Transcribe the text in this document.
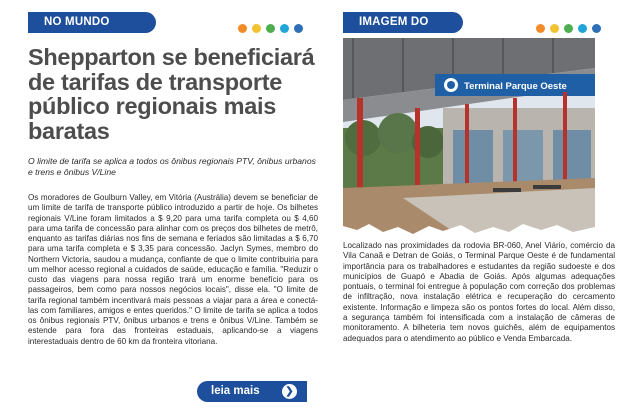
NO MUNDO
Shepparton se beneficiará de tarifas de transporte público regionais mais baratas

O limite de tarifa se aplica a todos os ônibus regionais PTV, ônibus urbanos e trens e ônibus V/Line

Os moradores de Goulburn Valley, em Vitória (Austrália) devem se beneficiar de um limite de tarifa de transporte público introduzido a partir de hoje. Os bilhetes regionais V/Line foram limitados a $ 9,20 para uma tarifa completa ou $ 4,60 para uma tarifa de concessão para alinhar com os preços dos bilhetes de metrô, enquanto as tarifas diárias nos fins de semana e feriados são limitadas a $ 6,70 para uma tarifa completa e $ 3,35 para concessão. Jaclyn Symes, membro do Northern Victoria, saudou a mudança, confiante de que o limite contribuiria para um melhor acesso regional a cuidados de saúde, educação e família. "Reduzir o custo das viagens para nossa região trará um enorme benefício para os passageiros, bem como para nossos negócios locais", disse ela. "O limite de tarifa regional também incentivará mais pessoas a viajar para a área e conectá-las com familiares, amigos e entes queridos." O limite de tarifa se aplica a todos os ônibus regionais PTV, ônibus urbanos e trens e ônibus V/Line. Também se estende para fora das fronteiras estaduais, aplicando-se a viagens interestaduais dentro de 60 km da fronteira vitoriana.

leia mais	❯
IMAGEM DO
Terminal Parque Oeste

Localizado nas proximidades da rodovia BR-060, Anel Viário, comércio da Vila Canaã e Detran de Goiás, o Terminal Parque Oeste é de fundamental importância para os trabalhadores e estudantes da região sudoeste e dos municípios de Guapó e Abadia de Goiás. Após algumas adequações pontuais, o terminal foi entregue à população com correção dos problemas de infiltração, nova instalação elétrica e recuperação do cercamento existente. Informação e limpeza são os pontos fortes do local. Além disso, a segurança também foi intensificada com a instalação de câmeras de monitoramento. A bilheteria tem novos guichês, além de equipamentos adequados para o atendimento ao público e Venda Embarcada.
